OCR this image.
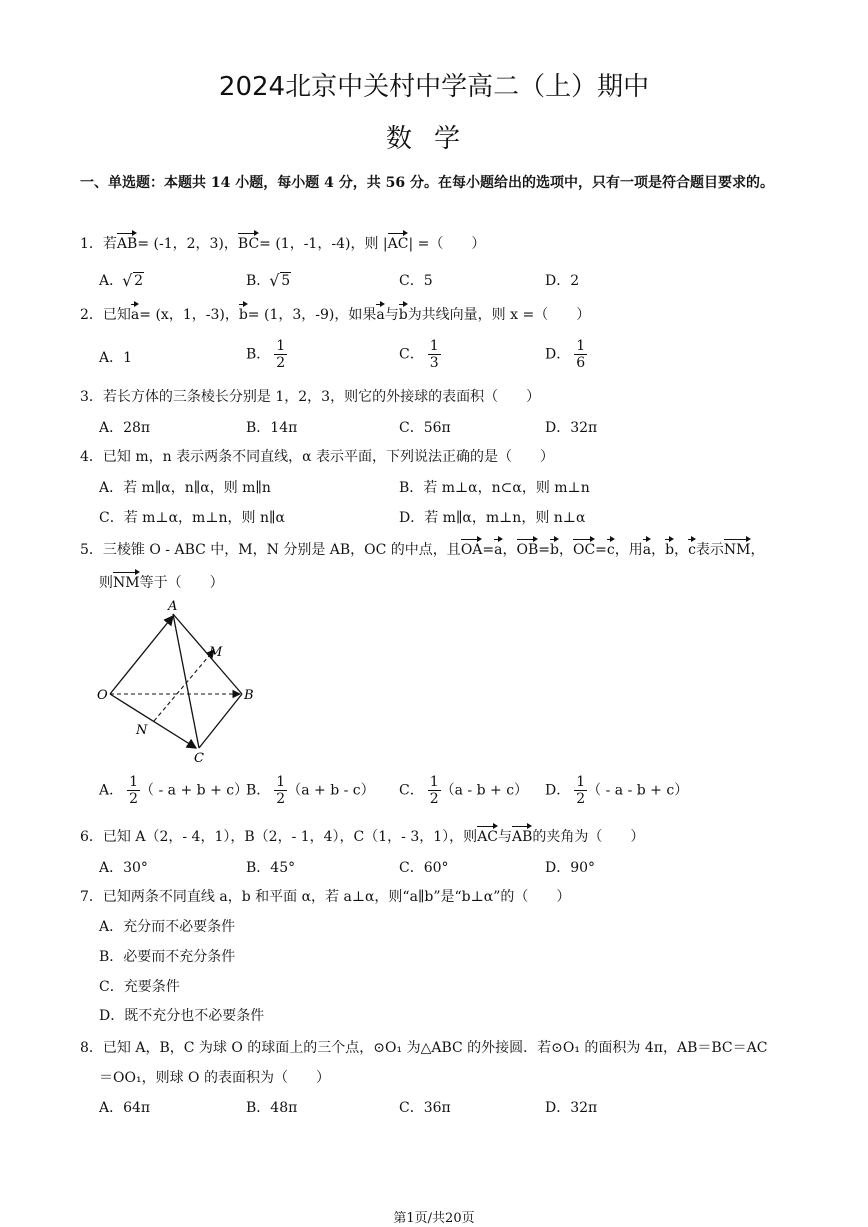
2024北京中关村中学高二（上）期中
数学
一、单选题：本题共 14 小题，每小题 4 分，共 56 分。在每小题给出的选项中，只有一项是符合题目要求的。
1．若AB= (-1，2，3)，BC= (1，-1，-4)，则 |AC| =（　　）
A． √ 2	B． √ 5	C．5	D．2
2．已知a= (x，1，-3)，b= (1，3，-9)，如果a与b为共线向量，则 x =（　　）
A．1	B． $\frac{1}{2}$	C． $\frac{1}{3}$	D． $\frac{1}{6}$
3．若长方体的三条棱长分别是 1，2，3，则它的外接球的表面积（　　）
A．28π	B．14π	C．56π	D．32π
4．已知 m，n 表示两条不同直线，α 表示平面，下列说法正确的是（　　）
A．若 m∥α，n∥α，则 m∥n	B．若 m⊥α，n⊂α，则 m⊥n
C．若 m⊥α，m⊥n，则 n∥α	D．若 m∥α，m⊥n，则 n⊥α
5．三棱锥 O - ABC 中，M，N 分别是 AB，OC 的中点，且OA=a，OB=b，OC=c，用a，b，c表示NM，
则NM等于（　　）
A
M
O	B
N
C
A． $\frac{1}{2}$ （ - a + b + c）
B． $\frac{1}{2} (a + b - c)$ C． $\frac{1}{2} (a - b + c)$ D． $\frac{1}{2}$ （ - a - b + c）
6．已知 A（2，- 4，1），B（2，- 1，4），C（1，- 3，1），则AC与AB的夹角为（　　）
A．30°	B．45°	C．60°	D．90°
7．已知两条不同直线 a，b 和平面 α，若 a⊥α，则“a∥b”是“b⊥α”的（　　）
A．充分而不必要条件
B．必要而不充分条件
C．充要条件
D．既不充分也不必要条件
8．已知 A，B，C 为球 O 的球面上的三个点，⊙O₁ 为△ABC 的外接圆．若⊙O₁ 的面积为 4π，AB＝BC＝AC
＝OO₁，则球 O 的表面积为（　　）
A．64π	B．48π	C．36π	D．32π
第1页/共20页
